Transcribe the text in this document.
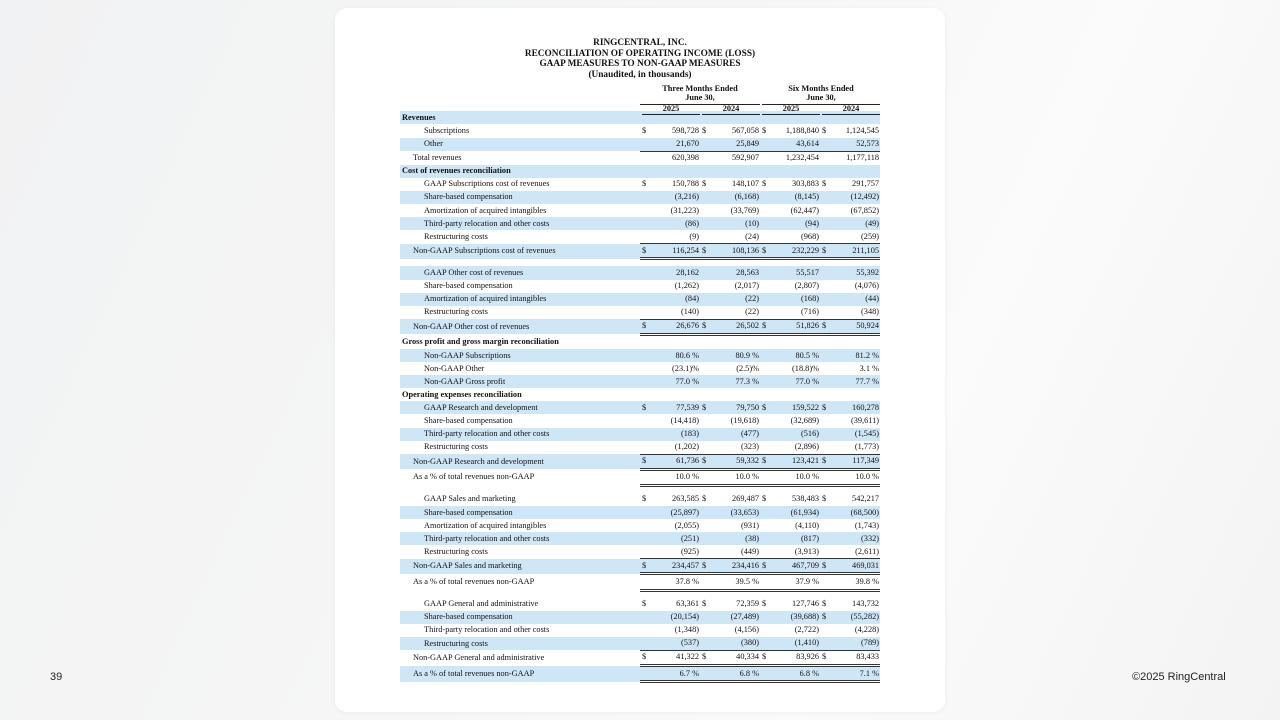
39	©2025 RingCentral
RINGCENTRAL, INC.
RECONCILIATION OF OPERATING INCOME (LOSS)
GAAP MEASURES TO NON-GAAP MEASURES
(Unaudited, in thousands)
Three Months Ended
June 30,
Six Months Ended
June 30,
2025	2024	2025	2024
Revenues				
Subscriptions	$ 598,728	$ 567,058	$ 1,188,840	$ 1,124,545

Other	21,670	25,849	43,614	52,573

Total revenues	620,398	592,907	1,232,454	1,177,118

Cost of revenues reconciliation				
GAAP Subscriptions cost of revenues	$ 150,788	$ 148,107	$ 303,883	$ 291,757

Share-based compensation	(3,216)	(6,168)	(8,145)	(12,492)

Amortization of acquired intangibles	(31,223)	(33,769)	(62,447)	(67,852)

Third-party relocation and other costs	(86)	(10)	(94)	(49)

Restructuring costs	(9)	(24)	(968)	(259)

Non-GAAP Subscriptions cost of revenues	$ 116,254	$ 108,136	$ 232,229	$ 211,105

GAAP Other cost of revenues	28,162	28,563	55,517	55,392

Share-based compensation	(1,262)	(2,017)	(2,807)	(4,076)

Amortization of acquired intangibles	(84)	(22)	(168)	(44)

Restructuring costs	(140)	(22)	(716)	(348)

Non-GAAP Other cost of revenues	$ 26,676	$ 26,502	$ 51,826	$ 50,924

Gross profit and gross margin reconciliation				
Non-GAAP Subscriptions	80.6 %	80.9 %	80.5 %	81.2 %

Non-GAAP Other	(23.1)%	(2.5)%	(18.8)%	3.1 %

Non-GAAP Gross profit	77.0 %	77.3 %	77.0 %	77.7 %

Operating expenses reconciliation				
GAAP Research and development	$ 77,539	$ 79,750	$ 159,522	$ 160,278

Share-based compensation	(14,418)	(19,618)	(32,689)	(39,611)

Third-party relocation and other costs	(183)	(477)	(516)	(1,545)

Restructuring costs	(1,202)	(323)	(2,896)	(1,773)

Non-GAAP Research and development	$ 61,736	$ 59,332	$ 123,421	$ 117,349

As a % of total revenues non-GAAP	10.0 %	10.0 %	10.0 %	10.0 %

GAAP Sales and marketing	$ 263,585	$ 269,487	$ 538,483	$ 542,217

Share-based compensation	(25,897)	(33,653)	(61,934)	(68,500)

Amortization of acquired intangibles	(2,055)	(931)	(4,110)	(1,743)

Third-party relocation and other costs	(251)	(38)	(817)	(332)

Restructuring costs	(925)	(449)	(3,913)	(2,611)

Non-GAAP Sales and marketing	$ 234,457	$ 234,416	$ 467,709	$ 469,031

As a % of total revenues non-GAAP	37.8 %	39.5 %	37.9 %	39.8 %

GAAP General and administrative	$ 63,361	$ 72,359	$ 127,746	$ 143,732

Share-based compensation	(20,154)	(27,489)	(39,688)	$ (55,282)

Third-party relocation and other costs	(1,348)	(4,156)	(2,722)	(4,228)

Restructuring costs	(537)	(380)	(1,410)	(789)

Non-GAAP General and administrative	$ 41,322	$ 40,334	$ 83,926	$ 83,433

As a % of total revenues non-GAAP	6.7 %	6.8 %	6.8 %	7.1 %
